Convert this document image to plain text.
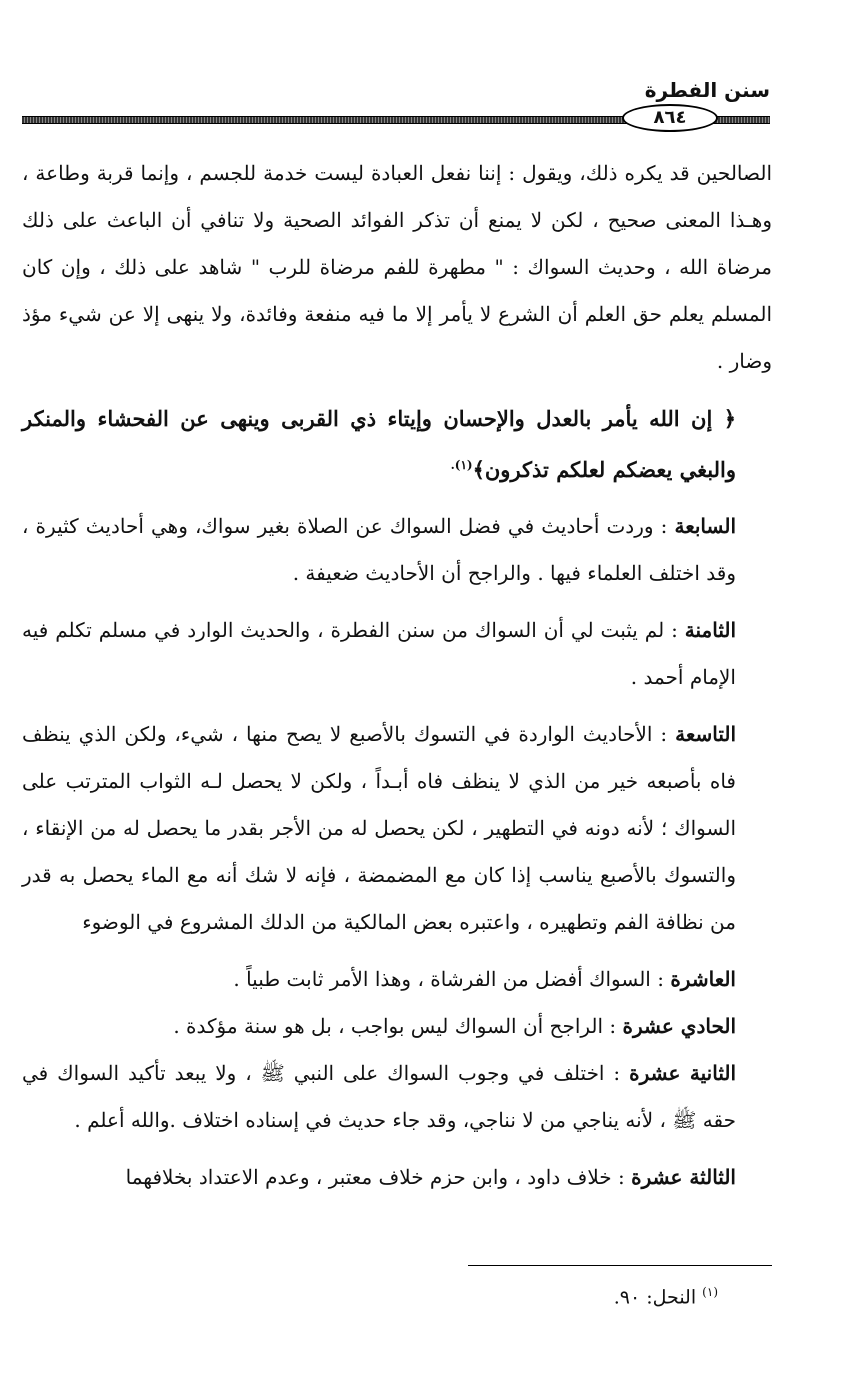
سنن الفطرة
٨٦٤

الصالحين قد يكره ذلك، ويقول : إننا نفعل العبادة ليست خدمة للجسم ، وإنما قربة وطاعة ، وهـذا المعنى صحيح ، لكن لا يمنع أن تذكر الفوائد الصحية ولا تنافي أن الباعث على ذلك مرضاة الله ، وحديث السواك : " مطهرة للفم مرضاة للرب " شاهد على ذلك ، وإن كان المسلم يعلم حق العلم أن الشرع لا يأمر إلا ما فيه منفعة وفائدة، ولا ينهى إلا عن شيء مؤذ وضار .

﴿ إن الله يأمر بالعدل والإحسان وإيتاء ذي القربى وينهى عن الفحشاء والمنكر والبغي يعضكم لعلكم تذكرون﴾$^{(١).}$

السابعة : وردت أحاديث في فضل السواك عن الصلاة بغير سواك، وهي أحاديث كثيرة ، وقد اختلف العلماء فيها . والراجح أن الأحاديث ضعيفة .

الثامنة : لم يثبت لي أن السواك من سنن الفطرة ، والحديث الوارد في مسلم تكلم فيه الإمام أحمد .

التاسعة : الأحاديث الواردة في التسوك بالأصبع لا يصح منها ، شيء، ولكن الذي ينظف فاه بأصبعه خير من الذي لا ينظف فاه أبـداً ، ولكن لا يحصل لـه الثواب المترتب على السواك ؛ لأنه دونه في التطهير ، لكن يحصل له من الأجر بقدر ما يحصل له من الإنقاء ، والتسوك بالأصبع يناسب إذا كان مع المضمضة ، فإنه لا شك أنه مع الماء يحصل به قدر من نظافة الفم وتطهيره ، واعتبره بعض المالكية من الدلك المشروع في الوضوء

العاشرة : السواك أفضل من الفرشاة ، وهذا الأمر ثابت طبياً .

الحادي عشرة : الراجح أن السواك ليس بواجب ، بل هو سنة مؤكدة .

الثانية عشرة : اختلف في وجوب السواك على النبي ﷺ ، ولا يبعد تأكيد السواك في حقه ﷺ ، لأنه يناجي من لا نناجي، وقد جاء حديث في إسناده اختلاف .والله أعلم .

الثالثة عشرة : خلاف داود ، وابن حزم خلاف معتبر ، وعدم الاعتداد بخلافهما

$^{(١)}$ النحل: ٩٠.
